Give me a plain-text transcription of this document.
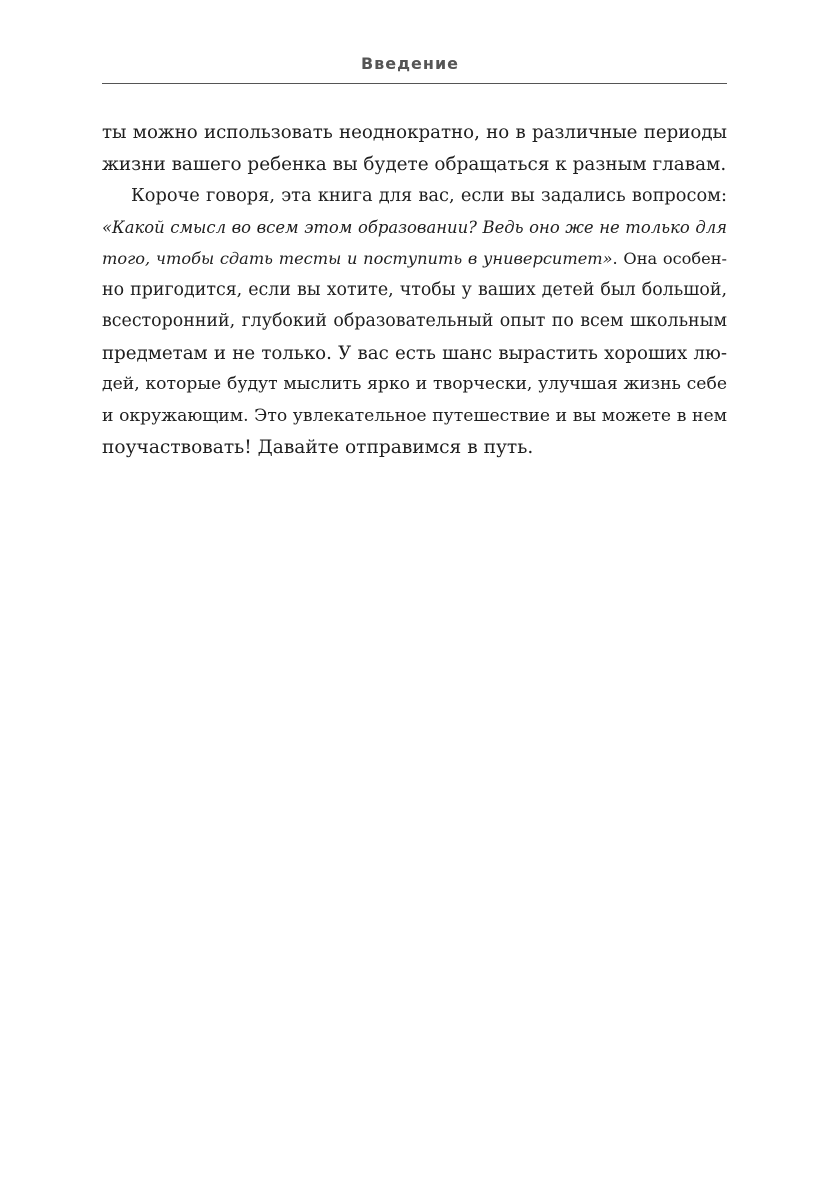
Введение
ты можно использовать неоднократно, но в различные периоды
жизни вашего ребенка вы будете обращаться к разным главам.
Короче говоря, эта книга для вас, если вы задались вопросом:
«Какой смысл во всем этом образовании? Ведь оно же не только для
того, чтобы сдать тесты и поступить в университет». Она особен-
но пригодится, если вы хотите, чтобы у ваших детей был большой,
всесторонний, глубокий образовательный опыт по всем школьным
предметам и не только. У вас есть шанс вырастить хороших лю-
дей, которые будут мыслить ярко и творчески, улучшая жизнь себе
и окружающим. Это увлекательное путешествие и вы можете в нем
поучаствовать! Давайте отправимся в путь.
